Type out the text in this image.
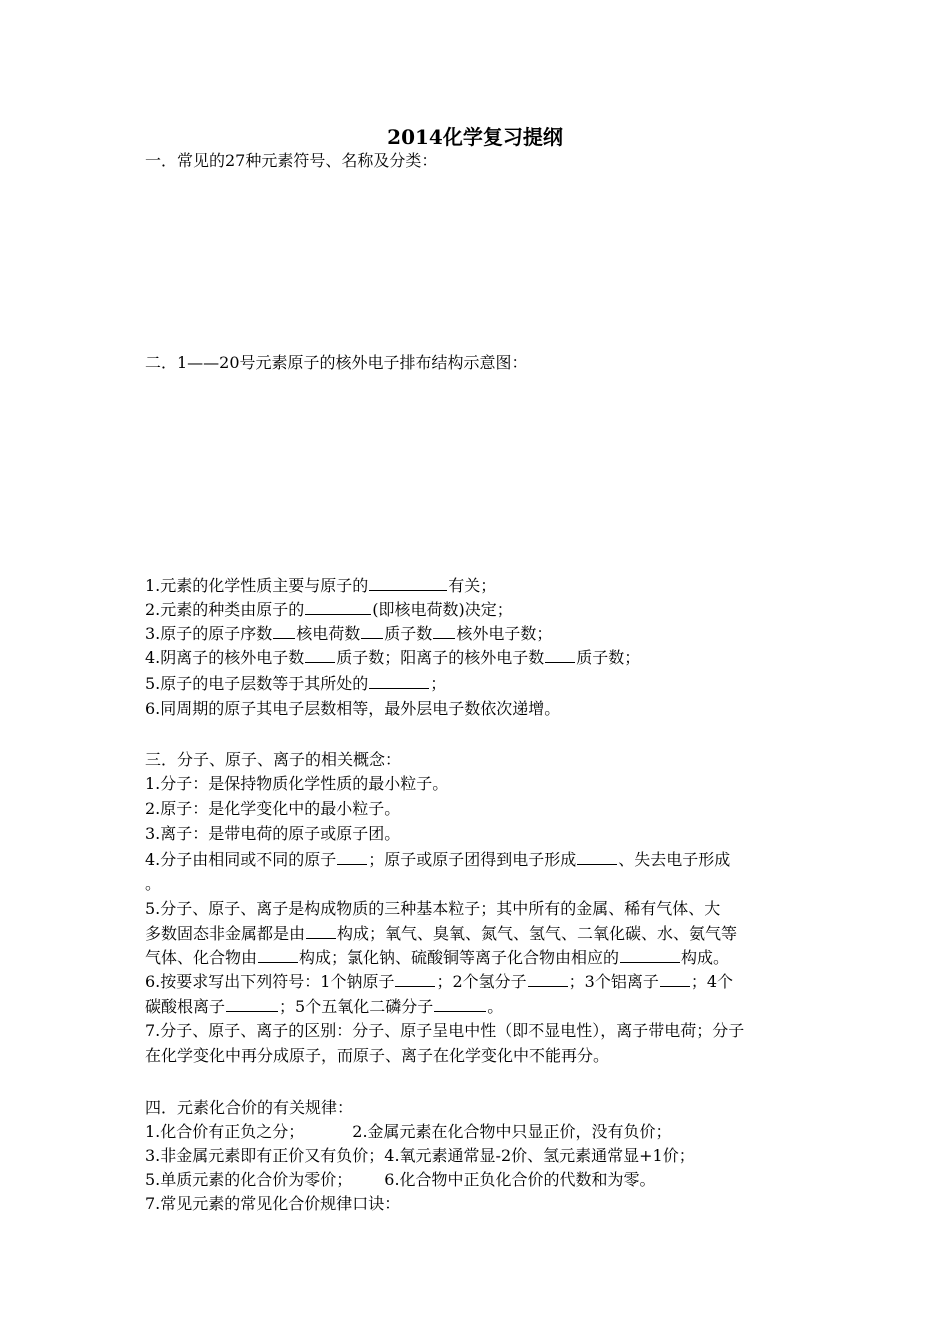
2014化学复习提纲
一．常见的27种元素符号、名称及分类：
二．1——20号元素原子的核外电子排布结构示意图：
1.元素的化学性质主要与原子的	有关；
2.元素的种类由原子的	(即核电荷数)决定；
3.原子的原子序数 核电荷数 质子数 核外电子数；
4.阴离子的核外电子数 质子数；阳离子的核外电子数 质子数；
5.原子的电子层数等于其所处的	；
6.同周期的原子其电子层数相等，最外层电子数依次递增。
三．分子、原子、离子的相关概念：
1.分子：是保持物质化学性质的最小粒子。
2.原子：是化学变化中的最小粒子。
3.离子：是带电荷的原子或原子团。
4.分子由相同或不同的原子 ；原子或原子团得到电子形成	、失去电子形成
。
5.分子、原子、离子是构成物质的三种基本粒子；其中所有的金属、稀有气体、大
多数固态非金属都是由 构成；氧气、臭氧、氮气、氢气、二氧化碳、水、氨气等
气体、化合物由	构成；氯化钠、硫酸铜等离子化合物由相应的	构成。
6.按要求写出下列符号：1个钠原子	；2个氢分子	；3个铝离子 ；4个
碳酸根离子	；5个五氧化二磷分子	。
7.分子、原子、离子的区别：分子、原子呈电中性（即不显电性），离子带电荷；分子
在化学变化中再分成原子，而原子、离子在化学变化中不能再分。
四．元素化合价的有关规律：
1.化合价有正负之分；	2.金属元素在化合物中只显正价，没有负价；
3.非金属元素即有正价又有负价；4.氧元素通常显-2价、氢元素通常显+1价；
5.单质元素的化合价为零价； 6.化合物中正负化合价的代数和为零。
7.常见元素的常见化合价规律口诀：
